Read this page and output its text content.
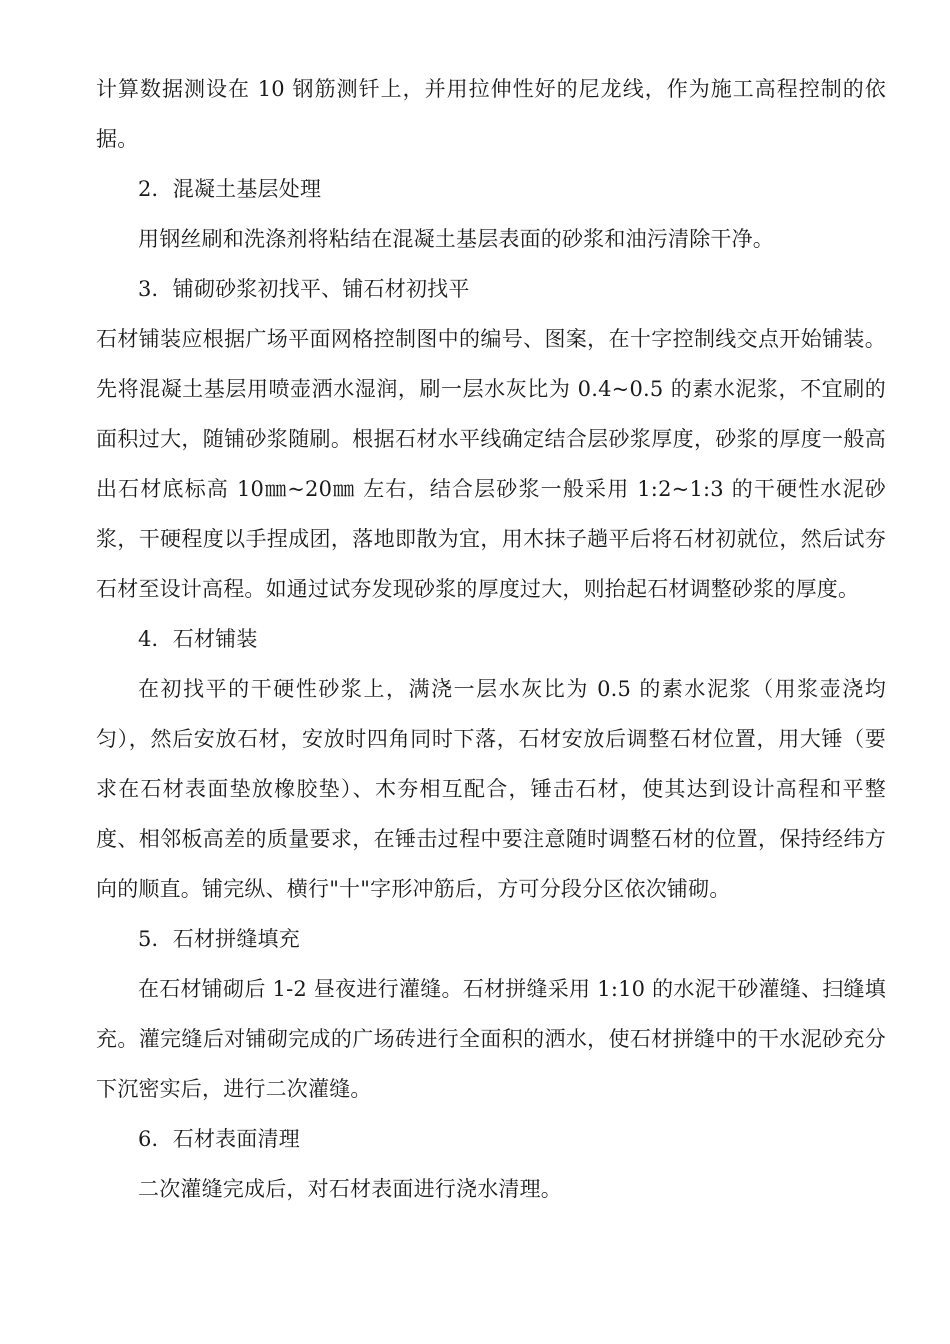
计算数据测设在 10 钢筋测钎上，并用拉伸性好的尼龙线，作为施工高程控制的依据。

2．混凝土基层处理

用钢丝刷和洗涤剂将粘结在混凝土基层表面的砂浆和油污清除干净。

3．铺砌砂浆初找平、铺石材初找平

石材铺装应根据广场平面网格控制图中的编号、图案，在十字控制线交点开始铺装。先将混凝土基层用喷壶洒水湿润，刷一层水灰比为 0.4~0.5 的素水泥浆，不宜刷的面积过大，随铺砂浆随刷。根据石材水平线确定结合层砂浆厚度，砂浆的厚度一般高出石材底标高 10㎜~20㎜ 左右，结合层砂浆一般采用 1:2~1:3 的干硬性水泥砂浆，干硬程度以手捏成团，落地即散为宜，用木抹子趟平后将石材初就位，然后试夯石材至设计高程。如通过试夯发现砂浆的厚度过大，则抬起石材调整砂浆的厚度。

4．石材铺装

在初找平的干硬性砂浆上，满浇一层水灰比为 0.5 的素水泥浆（用浆壶浇均匀），然后安放石材，安放时四角同时下落，石材安放后调整石材位置，用大锤（要求在石材表面垫放橡胶垫）、木夯相互配合，锤击石材，使其达到设计高程和平整度、相邻板高差的质量要求，在锤击过程中要注意随时调整石材的位置，保持经纬方向的顺直。铺完纵、横行"十"字形冲筋后，方可分段分区依次铺砌。

5．石材拼缝填充

在石材铺砌后 1-2 昼夜进行灌缝。石材拼缝采用 1:10 的水泥干砂灌缝、扫缝填充。灌完缝后对铺砌完成的广场砖进行全面积的洒水，使石材拼缝中的干水泥砂充分下沉密实后，进行二次灌缝。

6．石材表面清理

二次灌缝完成后，对石材表面进行浇水清理。
